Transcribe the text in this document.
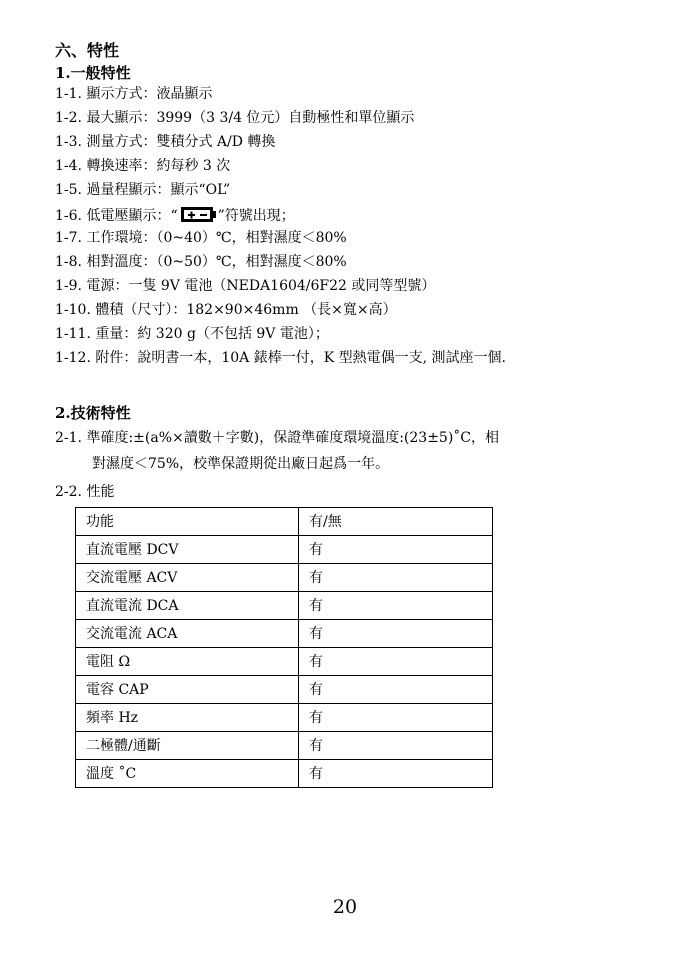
六、特性
1.一般特性
1-1. 顯示方式：液晶顯示
1-2. 最大顯示：3999（3 3/4 位元）自動極性和單位顯示
1-3. 測量方式：雙積分式 A/D 轉換
1-4. 轉換速率：約每秒 3 次
1-5. 過量程顯示：顯示“OL”
1-6. 低電壓顯示：“	”符號出現；
1-7. 工作環境：（0~40）℃，相對濕度＜80%
1-8. 相對溫度：（0~50）℃，相對濕度＜80%
1-9. 電源：一隻 9V 電池（NEDA1604/6F22 或同等型號）
1-10. 體積（尺寸）：182×90×46mm （長×寬×高）
1-11. 重量：約 320 g（不包括 9V 電池）；
1-12. 附件：說明書一本，10A 錶棒一付，K 型熱電偶一支, 測試座一個.
2.技術特性
2-1. 準確度:±(a%×讀數＋字數)，保證準確度環境溫度:(23±5)˚C，相
對濕度＜75%，校準保證期從出廠日起爲一年。
2-2. 性能
功能	有/無
直流電壓 DCV	有
交流電壓 ACV	有
直流電流 DCA	有
交流電流 ACA	有
電阻 Ω	有
電容 CAP	有
頻率 Hz	有
二極體/通斷	有
溫度 ˚C	有
20
